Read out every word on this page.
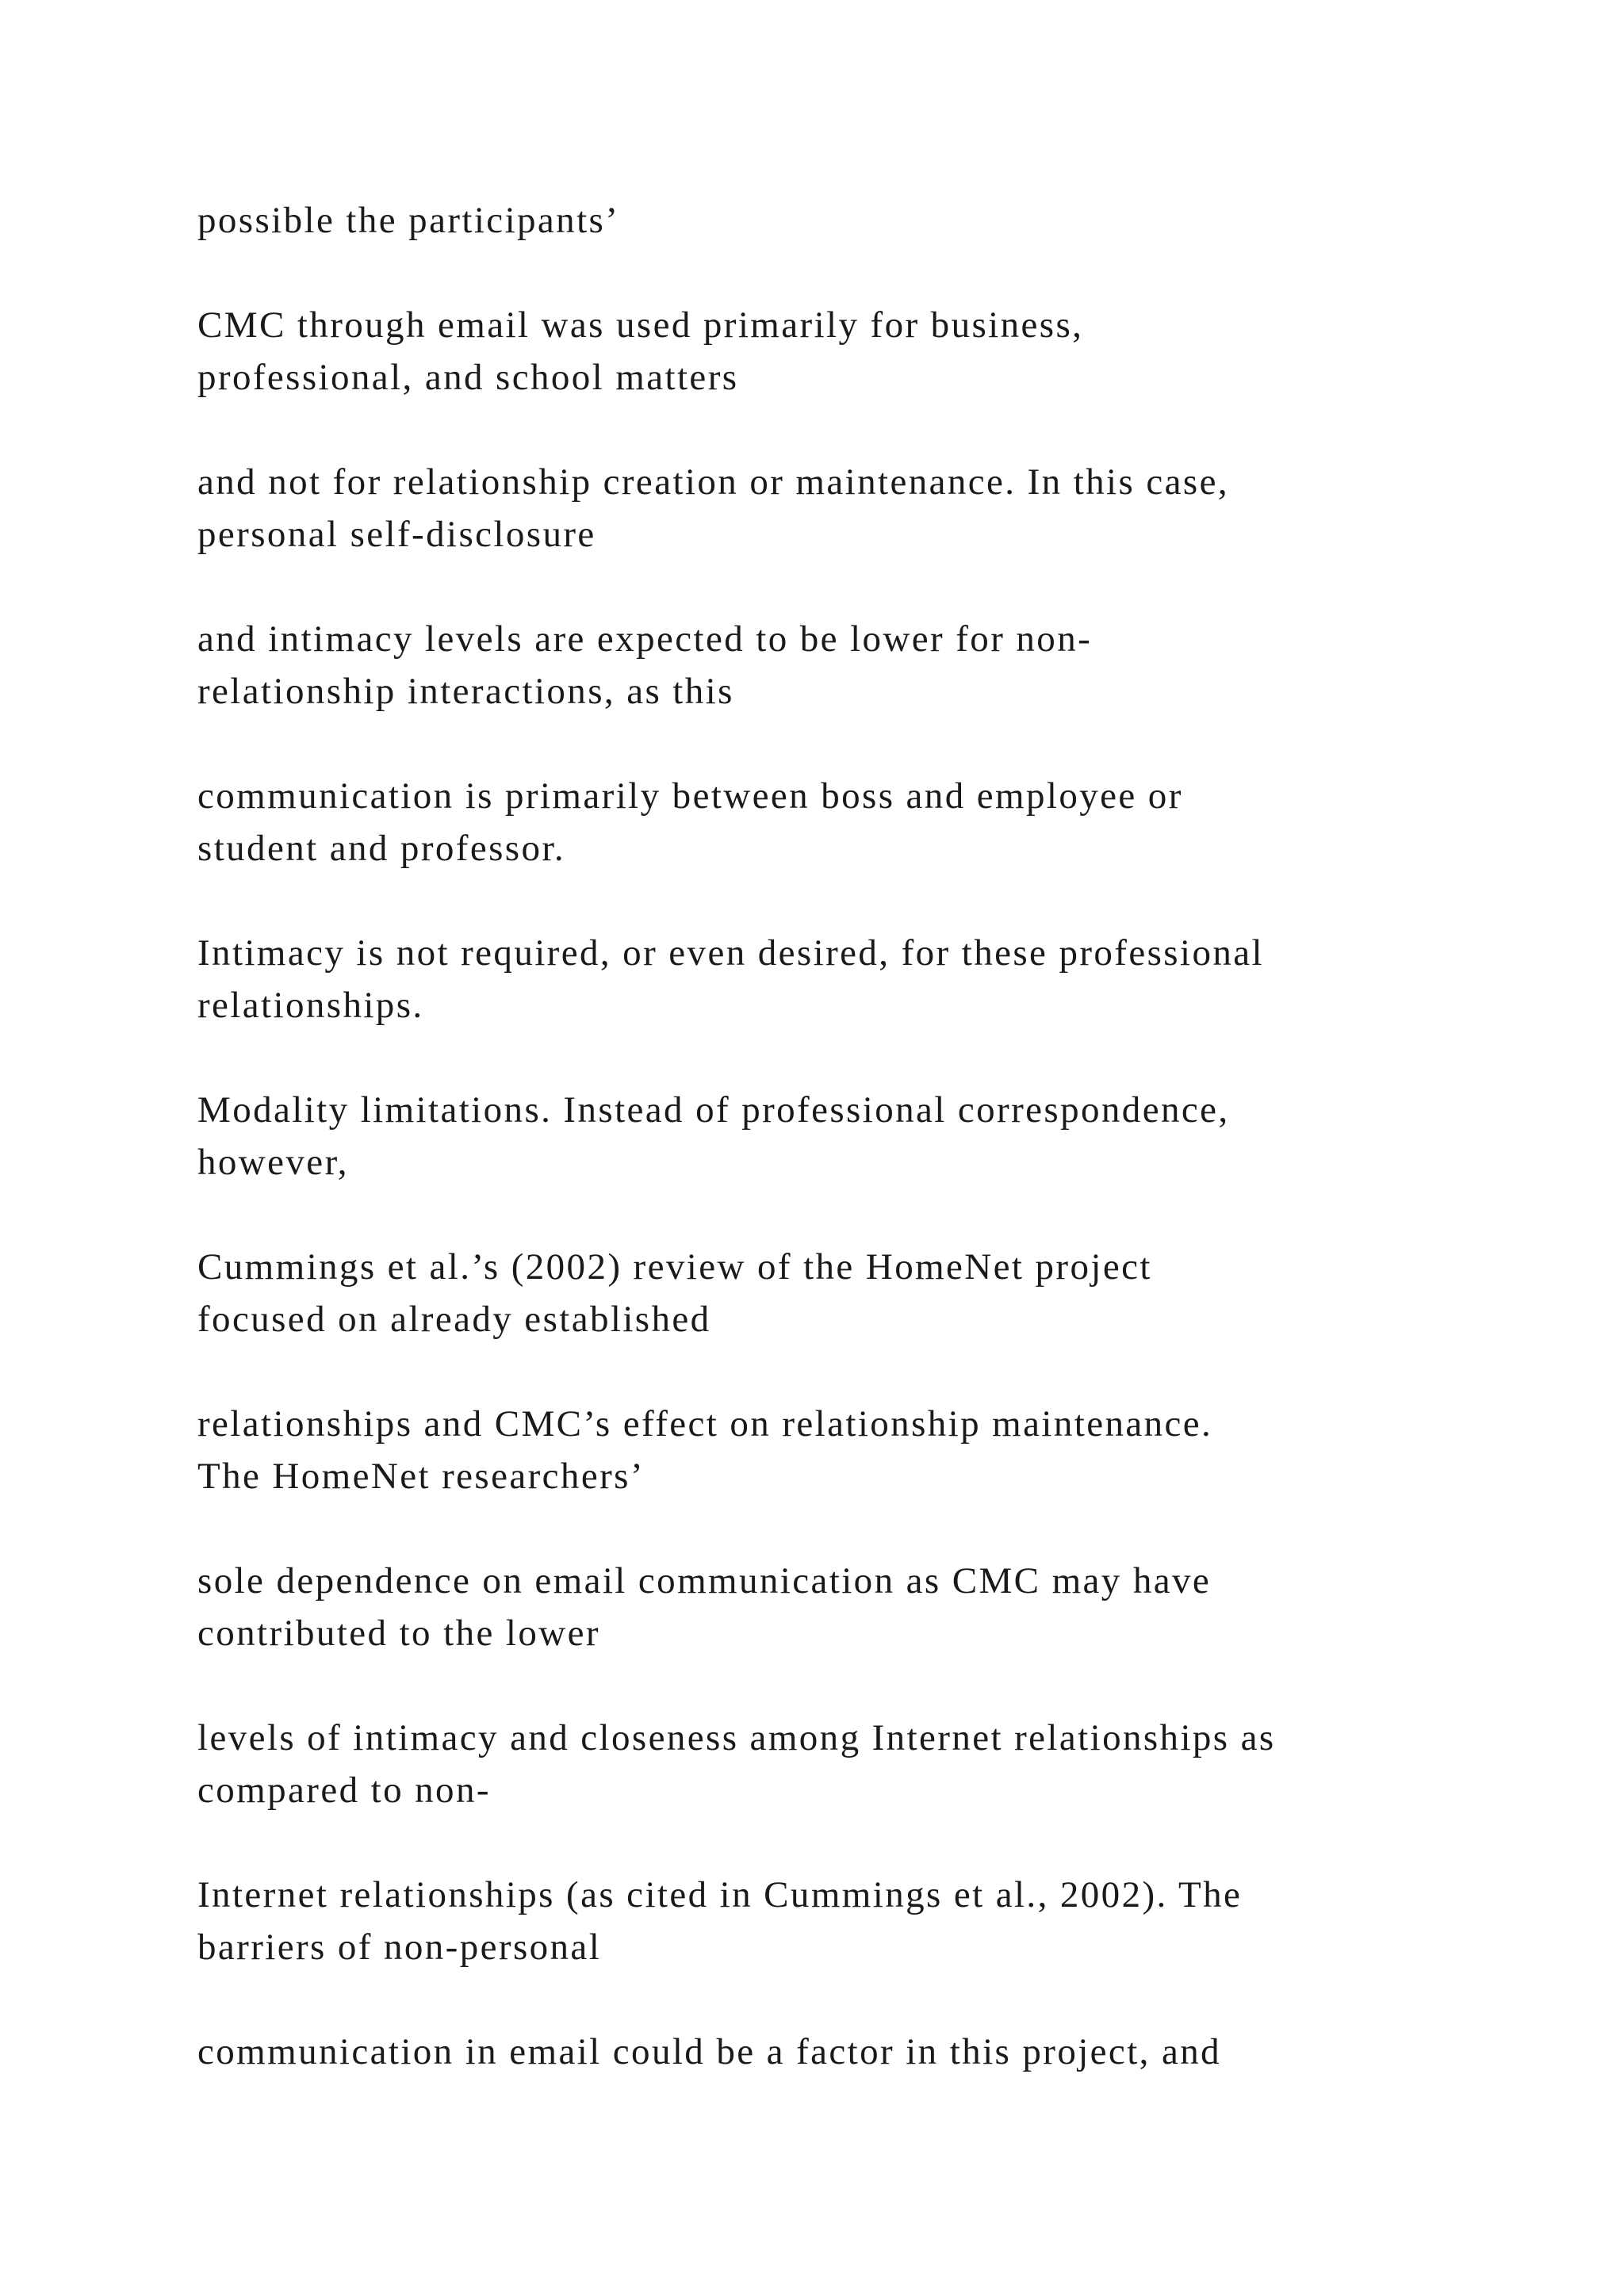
possible the participants’

CMC through email was used primarily for business,
professional, and school matters

and not for relationship creation or maintenance. In this case,
personal self-disclosure

and intimacy levels are expected to be lower for non-
relationship interactions, as this

communication is primarily between boss and employee or
student and professor.

Intimacy is not required, or even desired, for these professional
relationships.

Modality limitations. Instead of professional correspondence,
however,

Cummings et al.’s (2002) review of the HomeNet project
focused on already established

relationships and CMC’s effect on relationship maintenance.
The HomeNet researchers’

sole dependence on email communication as CMC may have
contributed to the lower

levels of intimacy and closeness among Internet relationships as
compared to non-

Internet relationships (as cited in Cummings et al., 2002). The
barriers of non-personal

communication in email could be a factor in this project, and
